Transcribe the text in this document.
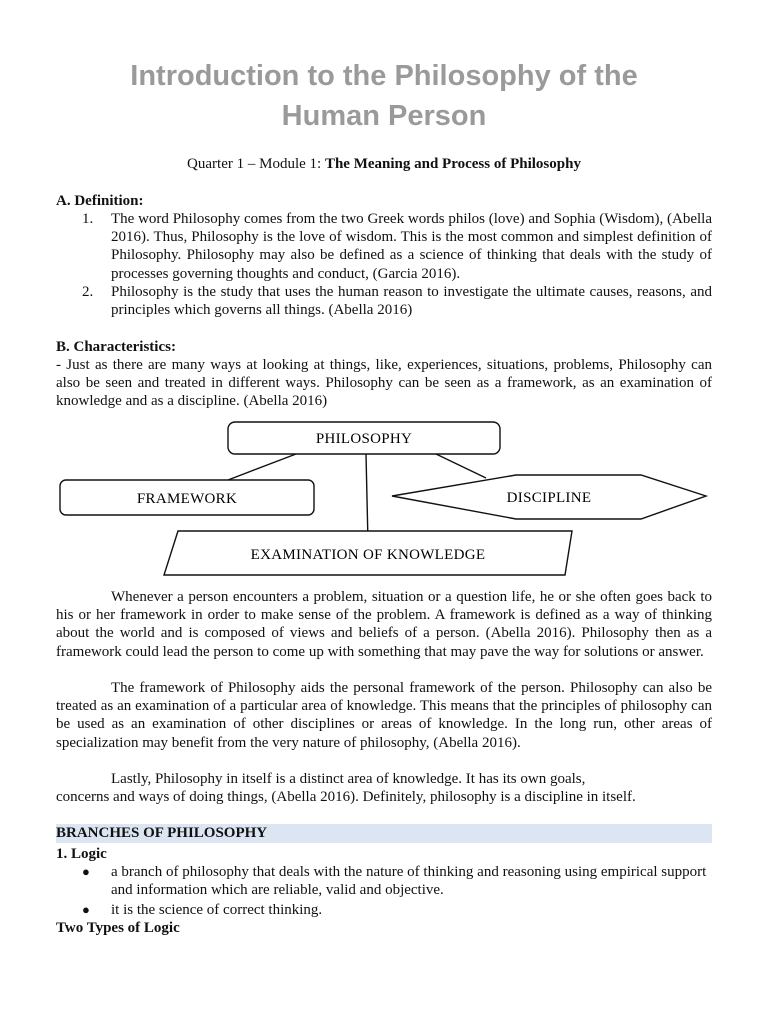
Introduction to the Philosophy of the
Human Person
Quarter 1 – Module 1: The Meaning and Process of Philosophy
A. Definition:
1. The word Philosophy comes from the two Greek words philos (love) and Sophia (Wisdom), (Abella 2016). Thus, Philosophy is the love of wisdom. This is the most common and simplest definition of Philosophy. Philosophy may also be defined as a science of thinking that deals with the study of processes governing thoughts and conduct, (Garcia 2016).
2. Philosophy is the study that uses the human reason to investigate the ultimate causes, reasons, and principles which governs all things. (Abella 2016)
B. Characteristics:
- Just as there are many ways at looking at things, like, experiences, situations, problems, Philosophy can also be seen and treated in different ways. Philosophy can be seen as a framework, as an examination of knowledge and as a discipline. (Abella 2016)
PHILOSOPHY
FRAMEWORK	DISCIPLINE
EXAMINATION OF KNOWLEDGE
Whenever a person encounters a problem, situation or a question life, he or she often goes back to his or her framework in order to make sense of the problem. A framework is defined as a way of thinking about the world and is composed of views and beliefs of a person. (Abella 2016). Philosophy then as a framework could lead the person to come up with something that may pave the way for solutions or answer.
The framework of Philosophy aids the personal framework of the person. Philosophy can also be treated as an examination of a particular area of knowledge. This means that the principles of philosophy can be used as an examination of other disciplines or areas of knowledge. In the long run, other areas of specialization may benefit from the very nature of philosophy, (Abella 2016).
Lastly, Philosophy in itself is a distinct area of knowledge. It has its own goals,
concerns and ways of doing things, (Abella 2016). Definitely, philosophy is a discipline in itself.
BRANCHES OF PHILOSOPHY
1. Logic
● a branch of philosophy that deals with the nature of thinking and reasoning using empirical support and information which are reliable, valid and objective.
● it is the science of correct thinking.
Two Types of Logic
